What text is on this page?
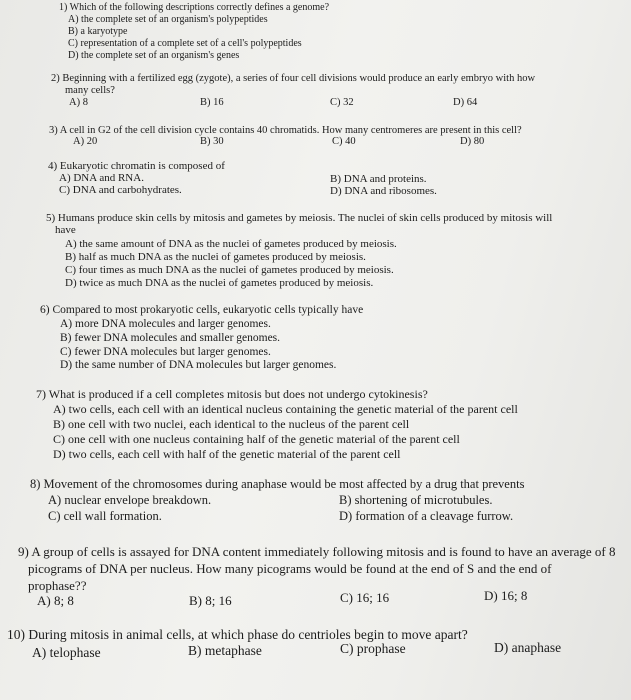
1) Which of the following descriptions correctly defines a genome?
A) the complete set of an organism's polypeptides
B) a karyotype
C) representation of a complete set of a cell's polypeptides
D) the complete set of an organism's genes
2) Beginning with a fertilized egg (zygote), a series of four cell divisions would produce an early embryo with how
many cells?
A) 8	B) 16	C) 32	D) 64
3) A cell in G2 of the cell division cycle contains 40 chromatids. How many centromeres are present in this cell?
A) 20	B) 30	C) 40	D) 80
4) Eukaryotic chromatin is composed of
A) DNA and RNA.	B) DNA and proteins.
C) DNA and carbohydrates.	D) DNA and ribosomes.
5) Humans produce skin cells by mitosis and gametes by meiosis. The nuclei of skin cells produced by mitosis will
have
A) the same amount of DNA as the nuclei of gametes produced by meiosis.
B) half as much DNA as the nuclei of gametes produced by meiosis.
C) four times as much DNA as the nuclei of gametes produced by meiosis.
D) twice as much DNA as the nuclei of gametes produced by meiosis.
6) Compared to most prokaryotic cells, eukaryotic cells typically have
A) more DNA molecules and larger genomes.
B) fewer DNA molecules and smaller genomes.
C) fewer DNA molecules but larger genomes.
D) the same number of DNA molecules but larger genomes.
7) What is produced if a cell completes mitosis but does not undergo cytokinesis?
A) two cells, each cell with an identical nucleus containing the genetic material of the parent cell
B) one cell with two nuclei, each identical to the nucleus of the parent cell
C) one cell with one nucleus containing half of the genetic material of the parent cell
D) two cells, each cell with half of the genetic material of the parent cell
8) Movement of the chromosomes during anaphase would be most affected by a drug that prevents
A) nuclear envelope breakdown.	B) shortening of microtubules.
C) cell wall formation.	D) formation of a cleavage furrow.
9) A group of cells is assayed for DNA content immediately following mitosis and is found to have an average of 8
picograms of DNA per nucleus. How many picograms would be found at the end of S and the end of
prophase??
A) 8; 8	B) 8; 16	C) 16; 16	D) 16; 8
10) During mitosis in animal cells, at which phase do centrioles begin to move apart?
A) telophase	B) metaphase	C) prophase	D) anaphase
